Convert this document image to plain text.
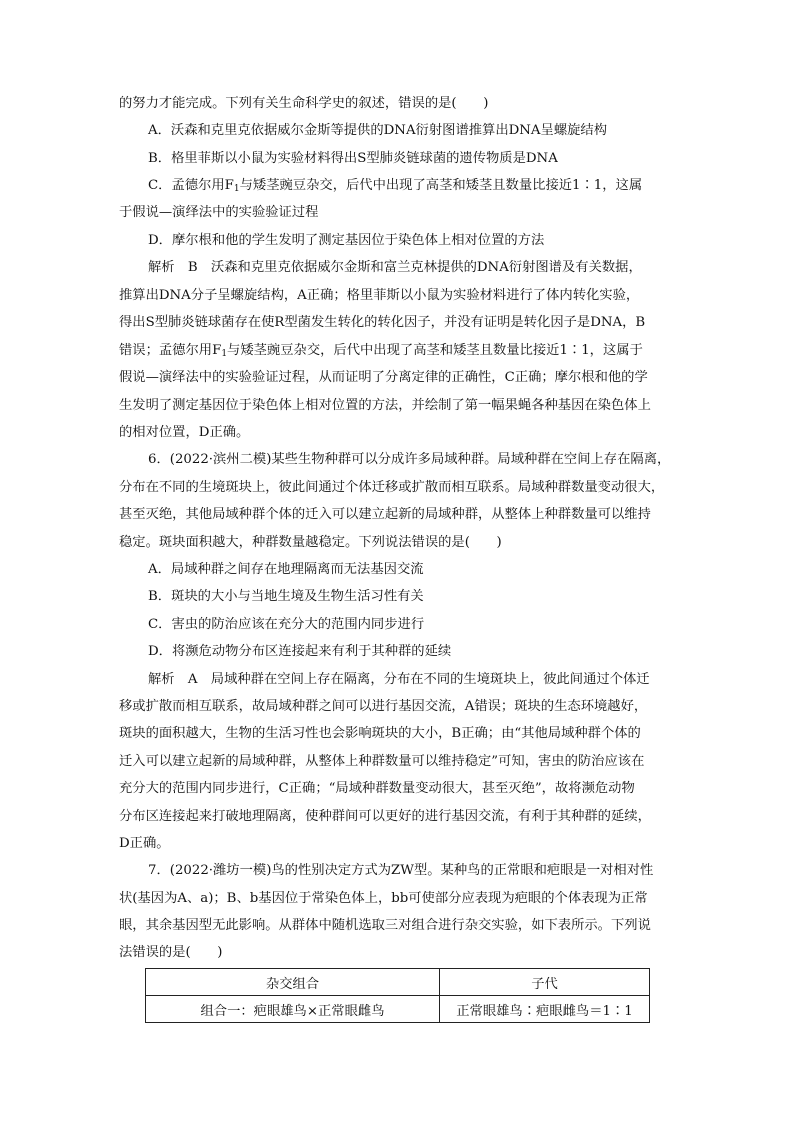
的努力才能完成。下列有关生命科学史的叙述，错误的是(　　)
A．沃森和克里克依据威尔金斯等提供的DNA衍射图谱推算出DNA呈螺旋结构
B．格里菲斯以小鼠为实验材料得出S型肺炎链球菌的遗传物质是DNA
C．孟德尔用$F_1$与矮茎豌豆杂交，后代中出现了高茎和矮茎且数量比接近1∶1，这属
于假说—演绎法中的实验验证过程
D．摩尔根和他的学生发明了测定基因位于染色体上相对位置的方法
解析　B　沃森和克里克依据威尔金斯和富兰克林提供的DNA衍射图谱及有关数据，
推算出DNA分子呈螺旋结构，A正确；格里菲斯以小鼠为实验材料进行了体内转化实验，
得出S型肺炎链球菌存在使R型菌发生转化的转化因子，并没有证明是转化因子是DNA，B
错误；孟德尔用$F_1$与矮茎豌豆杂交，后代中出现了高茎和矮茎且数量比接近1∶1，这属于
假说—演绎法中的实验验证过程，从而证明了分离定律的正确性，C正确；摩尔根和他的学
生发明了测定基因位于染色体上相对位置的方法，并绘制了第一幅果蝇各种基因在染色体上
的相对位置，D正确。
6．(2022·滨州二模)某些生物种群可以分成许多局域种群。局域种群在空间上存在隔离，
分布在不同的生境斑块上，彼此间通过个体迁移或扩散而相互联系。局域种群数量变动很大，
甚至灭绝，其他局域种群个体的迁入可以建立起新的局域种群，从整体上种群数量可以维持
稳定。斑块面积越大，种群数量越稳定。下列说法错误的是(　　)
A．局域种群之间存在地理隔离而无法基因交流
B．斑块的大小与当地生境及生物生活习性有关
C．害虫的防治应该在充分大的范围内同步进行
D．将濒危动物分布区连接起来有利于其种群的延续
解析　A　局域种群在空间上存在隔离，分布在不同的生境斑块上，彼此间通过个体迁
移或扩散而相互联系，故局域种群之间可以进行基因交流，A错误；斑块的生态环境越好，
斑块的面积越大，生物的生活习性也会影响斑块的大小，B正确；由“其他局域种群个体的
迁入可以建立起新的局域种群，从整体上种群数量可以维持稳定”可知，害虫的防治应该在
充分大的范围内同步进行，C正确；“局域种群数量变动很大，甚至灭绝”，故将濒危动物
分布区连接起来打破地理隔离，使种群间可以更好的进行基因交流，有利于其种群的延续，
D正确。
7．(2022·潍坊一模)鸟的性别决定方式为ZW型。某种鸟的正常眼和疤眼是一对相对性
状(基因为A、a)；B、b基因位于常染色体上，bb可使部分应表现为疤眼的个体表现为正常
眼，其余基因型无此影响。从群体中随机选取三对组合进行杂交实验，如下表所示。下列说
法错误的是(　　)
杂交组合	子代
组合一：疤眼雄鸟×正常眼雌鸟	正常眼雄鸟∶疤眼雌鸟＝1∶1
